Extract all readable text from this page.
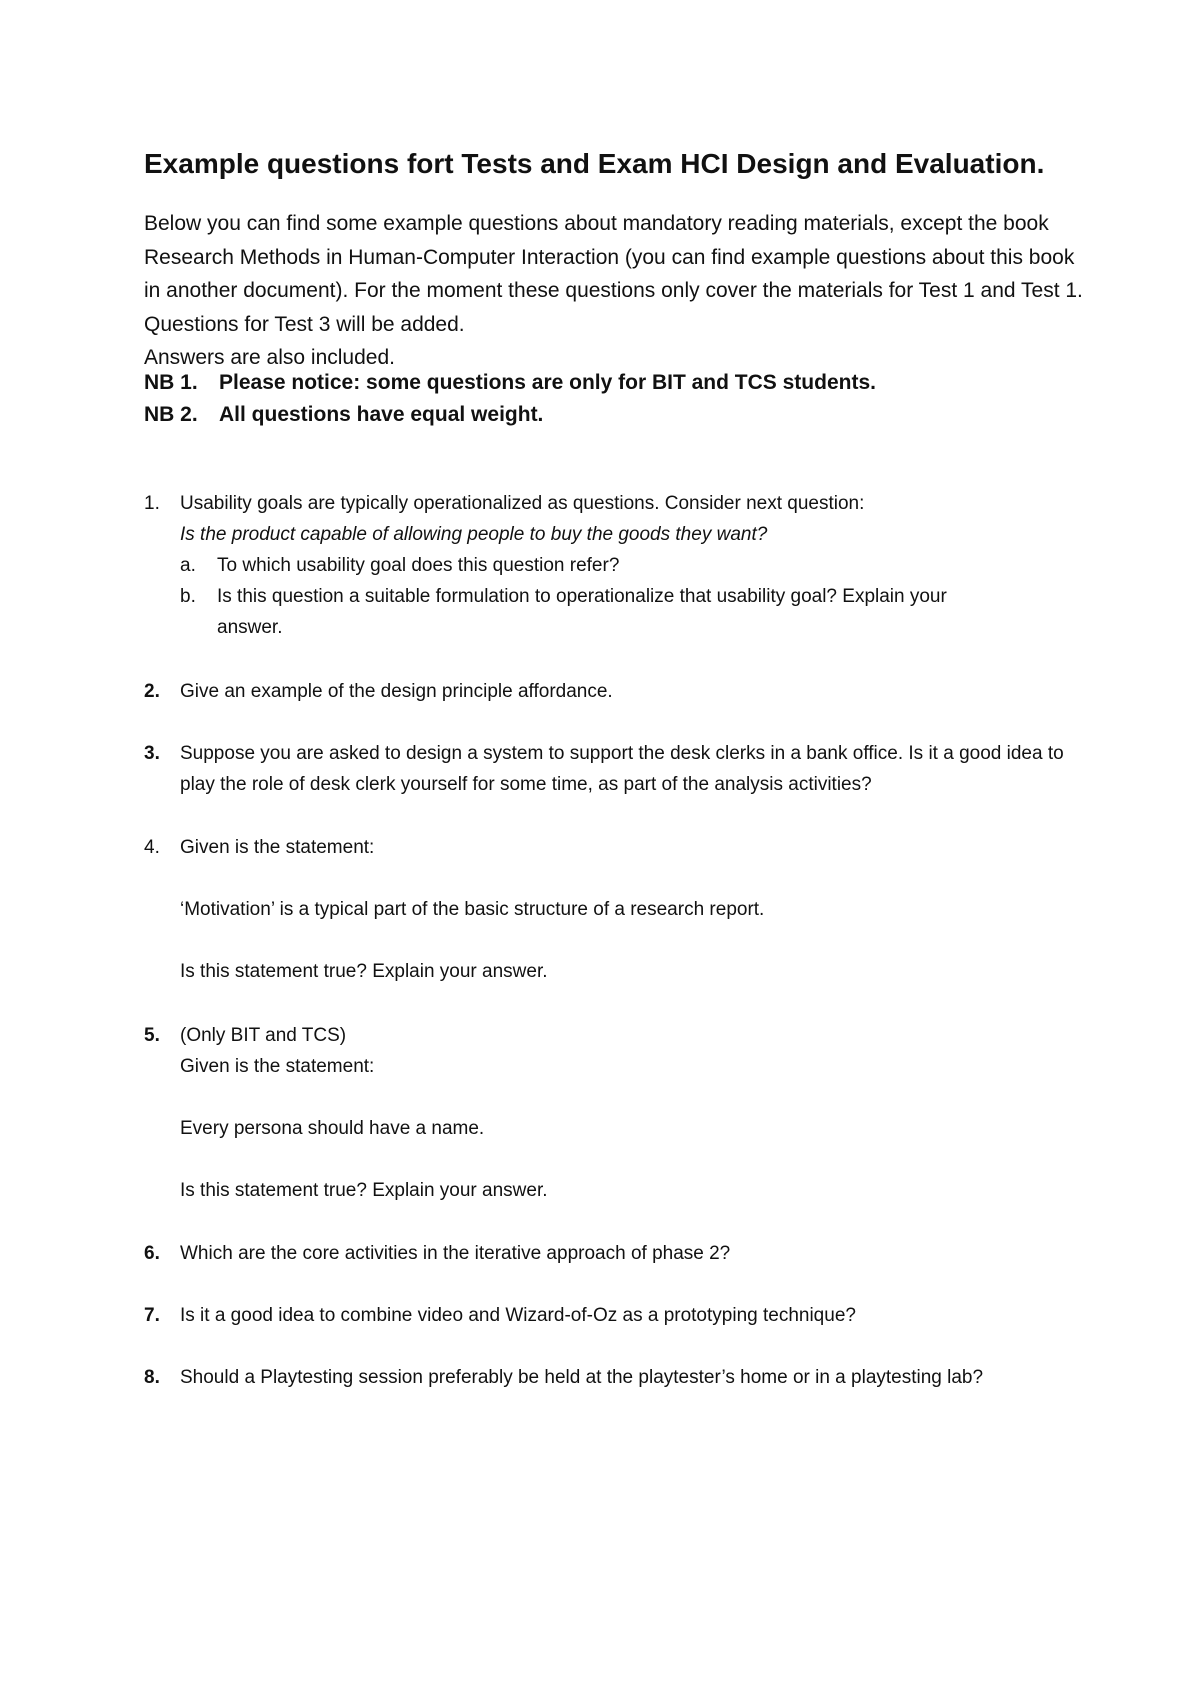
Example questions fort Tests and Exam HCI Design and Evaluation.

Below you can find some example questions about mandatory reading materials, except the book Research Methods in Human-Computer Interaction (you can find example questions about this book in another document). For the moment these questions only cover the materials for Test 1 and Test 1. Questions for Test 3 will be added.

Answers are also included.

NB 1. Please notice: some questions are only for BIT and TCS students.
NB 2. All questions have equal weight.
1.	Usability goals are typically operationalized as questions. Consider next question:
Is the product capable of allowing people to buy the goods they want?
a.	To which usability goal does this question refer?
b.	Is this question a suitable formulation to operationalize that usability goal? Explain your answer.
2.	Give an example of the design principle affordance.
3.	Suppose you are asked to design a system to support the desk clerks in a bank office. Is it a good idea to play the role of desk clerk yourself for some time, as part of the analysis activities?
4.	Given is the statement:
‘Motivation’ is a typical part of the basic structure of a research report.
Is this statement true? Explain your answer.
5.	(Only BIT and TCS)
Given is the statement:
Every persona should have a name.
Is this statement true? Explain your answer.
6.	Which are the core activities in the iterative approach of phase 2?
7.	Is it a good idea to combine video and Wizard-of-Oz as a prototyping technique?
8.	Should a Playtesting session preferably be held at the playtester’s home or in a playtesting lab?
